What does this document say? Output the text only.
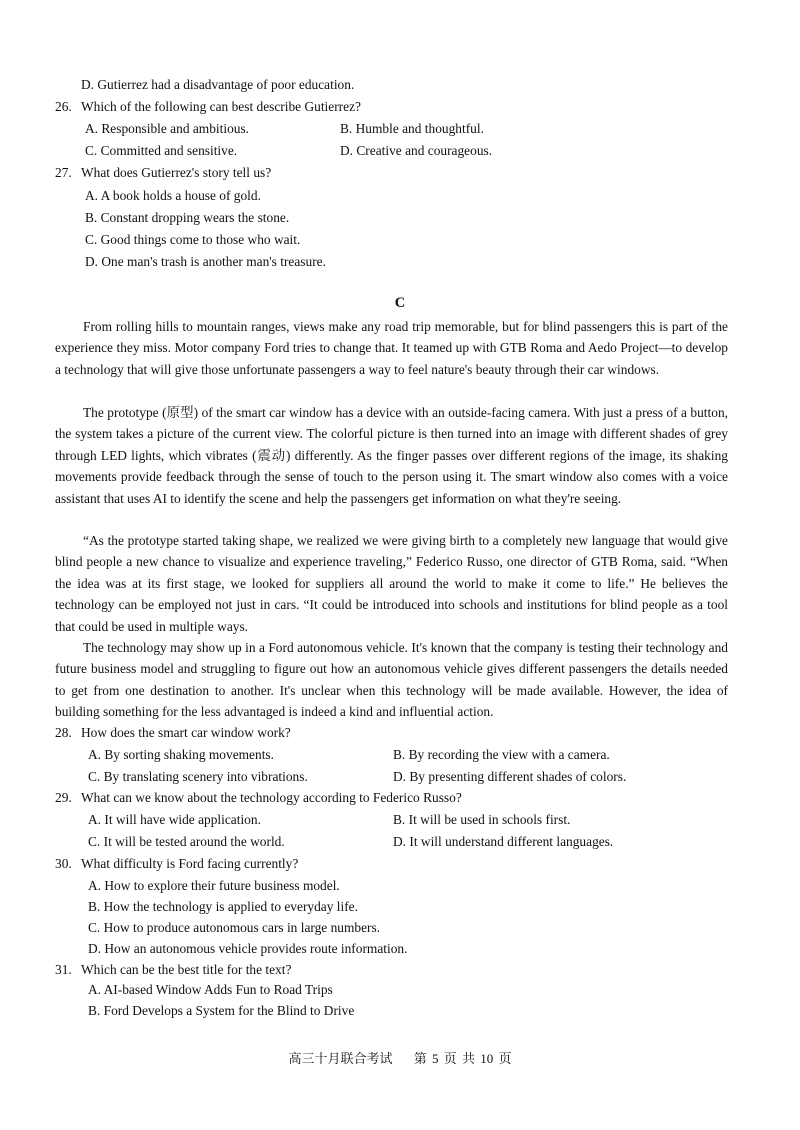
D. Gutierrez had a disadvantage of poor education.
26. Which of the following can best describe Gutierrez?
A. Responsible and ambitious.	B. Humble and thoughtful.
C. Committed and sensitive.	D. Creative and courageous.
27. What does Gutierrez's story tell us?
A. A book holds a house of gold.
B. Constant dropping wears the stone.
C. Good things come to those who wait.
D. One man's trash is another man's treasure.
C
From rolling hills to mountain ranges, views make any road trip memorable, but for blind passengers this is part of the experience they miss. Motor company Ford tries to change that. It teamed up with GTB Roma and Aedo Project—to develop a technology that will give those unfortunate passengers a way to feel nature's beauty through their car windows.
The prototype (原型) of the smart car window has a device with an outside-facing camera. With just a press of a button, the system takes a picture of the current view. The colorful picture is then turned into an image with different shades of grey through LED lights, which vibrates (震动) differently. As the finger passes over different regions of the image, its shaking movements provide feedback through the sense of touch to the person using it. The smart window also comes with a voice assistant that uses AI to identify the scene and help the passengers get information on what they're seeing.
“As the prototype started taking shape, we realized we were giving birth to a completely new language that would give blind people a new chance to visualize and experience traveling,” Federico Russo, one director of GTB Roma, said. “When the idea was at its first stage, we looked for suppliers all around the world to make it come to life.” He believes the technology can be employed not just in cars. “It could be introduced into schools and institutions for blind people as a tool that could be used in multiple ways.
The technology may show up in a Ford autonomous vehicle. It's known that the company is testing their technology and future business model and struggling to figure out how an autonomous vehicle gives different passengers the details needed to get from one destination to another. It's unclear when this technology will be made available. However, the idea of building something for the less advantaged is indeed a kind and influential action.
28. How does the smart car window work?
A. By sorting shaking movements.	B. By recording the view with a camera.
C. By translating scenery into vibrations.	D. By presenting different shades of colors.
29. What can we know about the technology according to Federico Russo?
A. It will have wide application.	B. It will be used in schools first.
C. It will be tested around the world.	D. It will understand different languages.
30. What difficulty is Ford facing currently?
A. How to explore their future business model.
B. How the technology is applied to everyday life.
C. How to produce autonomous cars in large numbers.
D. How an autonomous vehicle provides route information.
31. Which can be the best title for the text?
A. AI-based Window Adds Fun to Road Trips
B. Ford Develops a System for the Blind to Drive
高三十月联合考试 第 5 页 共 10 页
